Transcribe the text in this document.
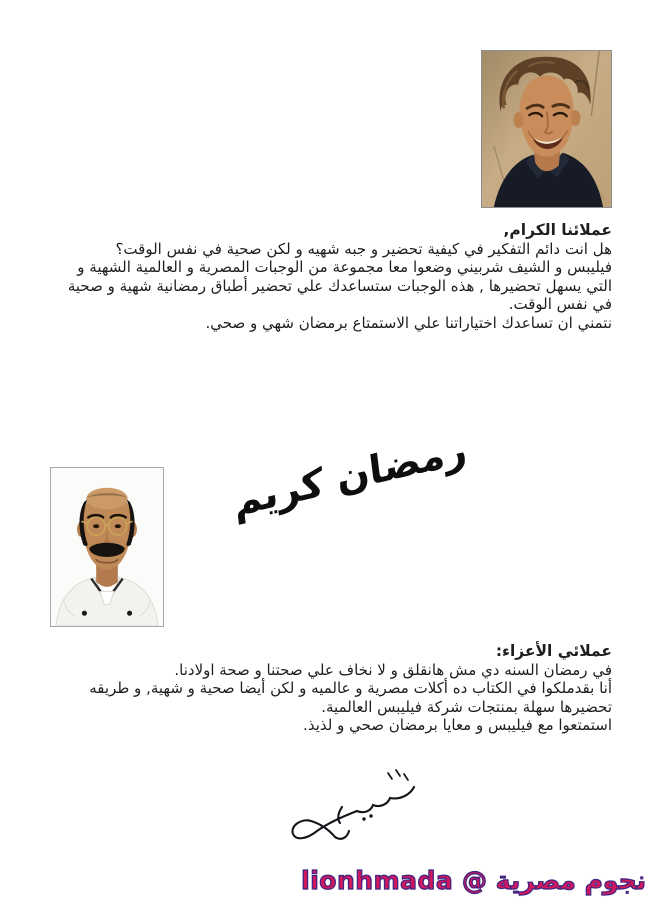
عملائنا الكرام,

هل انت دائم التفكير في كيفية تحضير و جبه شهيه و لكن صحية في نفس الوقت؟

فيليبس و الشيف شربيني وضعوا معا مجموعة من الوجبات المصرية و العالمية الشهية و

التي يسهل تحضيرها , هذه الوجبات ستساعدك علي تحضير أطباق رمضانية شهية و صحية

في نفس الوقت.

نتمني ان تساعدك اختياراتنا علي الاستمتاع برمضان شهي و صحي.

رمضان كريم
عملائي الأعزاء:

في رمضان السنه دي مش هانقلق و لا نخاف علي صحتنا و صحة اولادنا.

أنا بقدملكوا في الكتاب ده أكلات مصرية و عالميه و لكن أيضا صحية و شهية, و طريقه

تحضيرها سهلة بمنتجات شركة فيليبس العالمية.

استمتعوا مع فيليبس و معايا برمضان صحي و لذيذ.

نجوم مصرية @ lionhmada
